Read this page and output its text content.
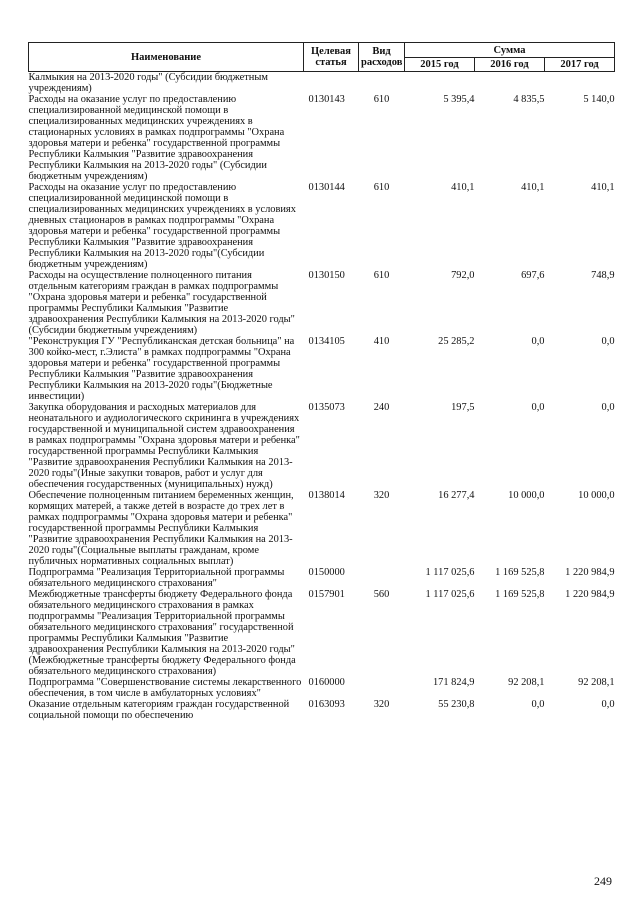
Наименование	Целевая статья	Вид расходов	Сумма		
			2015 год	2016 год	2017 год
Калмыкия на 2013-2020 годы" (Субсидии бюджетным учреждениям)					
Расходы на оказание услуг по предоставлению специализированной медицинской помощи в специализированных медицинских учреждениях в стационарных условиях в рамках подпрограммы "Охрана здоровья матери и ребенка" государственной программы Республики Калмыкия "Развитие здравоохранения Республики Калмыкия на 2013-2020 годы" (Субсидии бюджетным учреждениям)	0130143	610	5 395,4	4 835,5	5 140,0
Расходы на оказание услуг по предоставлению специализированной медицинской помощи в специализированных медицинских учреждениях в условиях дневных стационаров в рамках подпрограммы "Охрана здоровья матери и ребенка" государственной программы Республики Калмыкия "Развитие здравоохранения Республики Калмыкия на 2013-2020 годы"(Субсидии бюджетным учреждениям)	0130144	610	410,1	410,1	410,1
Расходы на осуществление полноценного питания отдельным категориям граждан в рамках подпрограммы "Охрана здоровья матери и ребенка" государственной программы Республики Калмыкия "Развитие здравоохранения Республики Калмыкия на 2013-2020 годы" (Субсидии бюджетным учреждениям)	0130150	610	792,0	697,6	748,9
"Реконструкция ГУ "Республиканская детская больница" на 300 койко-мест, г.Элиста" в рамках подпрограммы "Охрана здоровья матери и ребенка" государственной программы Республики Калмыкия "Развитие здравоохранения Республики Калмыкия на 2013-2020 годы"(Бюджетные инвестиции)	0134105	410	25 285,2	0,0	0,0
Закупка оборудования и расходных материалов для неонатального и аудиологического скрининга в учреждениях государственной и муниципальной систем здравоохранения в рамках подпрограммы "Охрана здоровья матери и ребенка" государственной программы Республики Калмыкия "Развитие здравоохранения Республики Калмыкия на 2013-2020 годы"(Иные закупки товаров, работ и услуг для обеспечения государственных (муниципальных) нужд)	0135073	240	197,5	0,0	0,0
Обеспечение полноценным питанием беременных женщин, кормящих матерей, а также детей в возрасте до трех лет в рамках подпрограммы "Охрана здоровья матери и ребенка" государственной программы Республики Калмыкия "Развитие здравоохранения Республики Калмыкия на 2013-2020 годы"(Социальные выплаты гражданам, кроме публичных нормативных социальных выплат)	0138014	320	16 277,4	10 000,0	10 000,0
Подпрограмма "Реализация Территориальной программы обязательного медицинского страхования"	0150000		1 117 025,6	1 169 525,8	1 220 984,9
Межбюджетные трансферты бюджету Федерального фонда обязательного медицинского страхования в рамках подпрограммы "Реализация Территориальной программы обязательного медицинского страхования" государственной программы Республики Калмыкия "Развитие здравоохранения Республики Калмыкия на 2013-2020 годы" (Межбюджетные трансферты бюджету Федерального фонда обязательного медицинского страхования)	0157901	560	1 117 025,6	1 169 525,8	1 220 984,9
Подпрограмма "Совершенствование системы лекарственного обеспечения, в том числе в амбулаторных условиях"	0160000		171 824,9	92 208,1	92 208,1
Оказание отдельным категориям граждан государственной социальной помощи по обеспечению	0163093	320	55 230,8	0,0	0,0
249
